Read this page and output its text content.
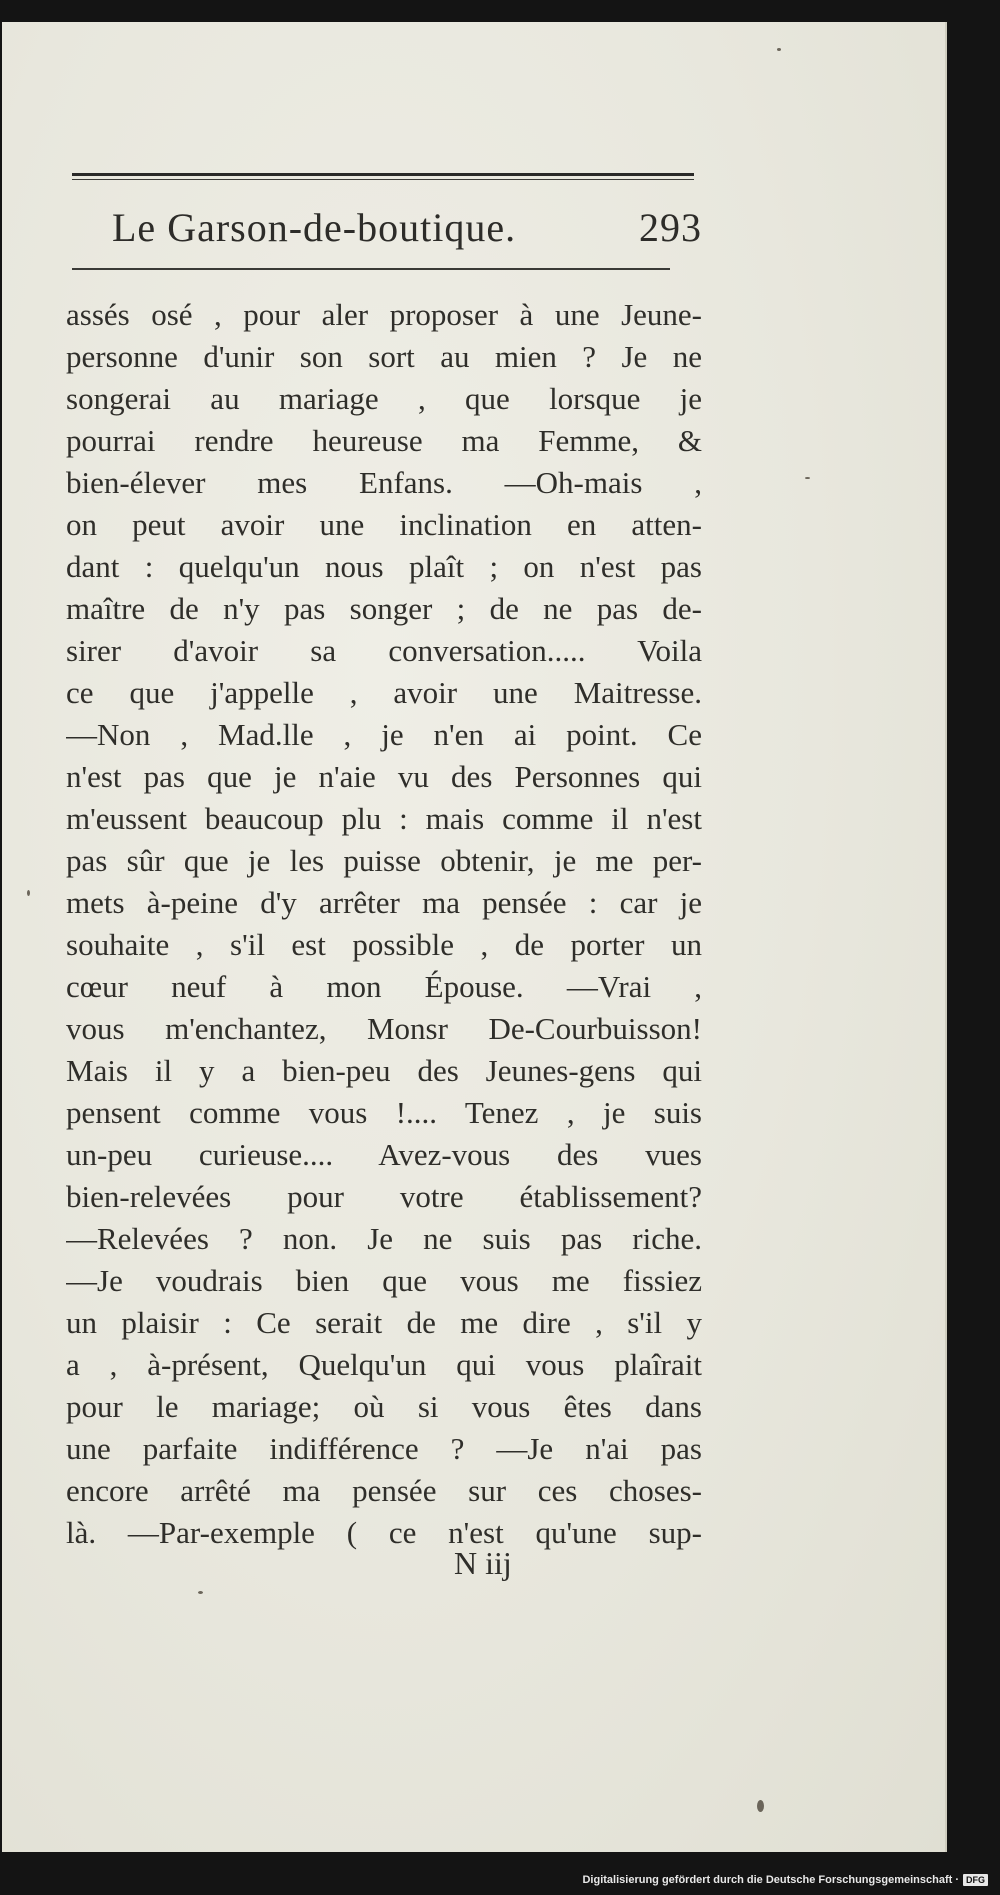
Le Garson-de-boutique.	293
assés osé , pour aler proposer à une Jeune-
personne d'unir son sort au mien ? Je ne
songerai au mariage , que lorsque je
pourrai rendre heureuse ma Femme, &
bien-élever mes Enfans. —Oh-mais ,
on peut avoir une inclination en atten-
dant : quelqu'un nous plaît ; on n'est pas
maître de n'y pas songer ; de ne pas de-
sirer d'avoir sa conversation..... Voila
ce que j'appelle , avoir une Maitresse.
—Non , Mad.lle , je n'en ai point. Ce
n'est pas que je n'aie vu des Personnes qui
m'eussent beaucoup plu : mais comme il n'est
pas sûr que je les puisse obtenir, je me per-
mets à-peine d'y arrêter ma pensée : car je
souhaite , s'il est possible , de porter un
cœur neuf à mon Épouse. —Vrai ,
vous m'enchantez, Monsr De-Courbuisson!
Mais il y a bien-peu des Jeunes-gens qui
pensent comme vous !.... Tenez , je suis
un-peu curieuse.... Avez-vous des vues
bien-relevées pour votre établissement?
—Relevées ? non. Je ne suis pas riche.
—Je voudrais bien que vous me fissiez
un plaisir : Ce serait de me dire , s'il y
a , à-présent, Quelqu'un qui vous plaîrait
pour le mariage; où si vous êtes dans
une parfaite indifférence ? —Je n'ai pas
encore arrêté ma pensée sur ces choses-
là. —Par-exemple ( ce n'est qu'une sup-
N iij
Digitalisierung gefördert durch die Deutsche Forschungsgemeinschaft · DFG
